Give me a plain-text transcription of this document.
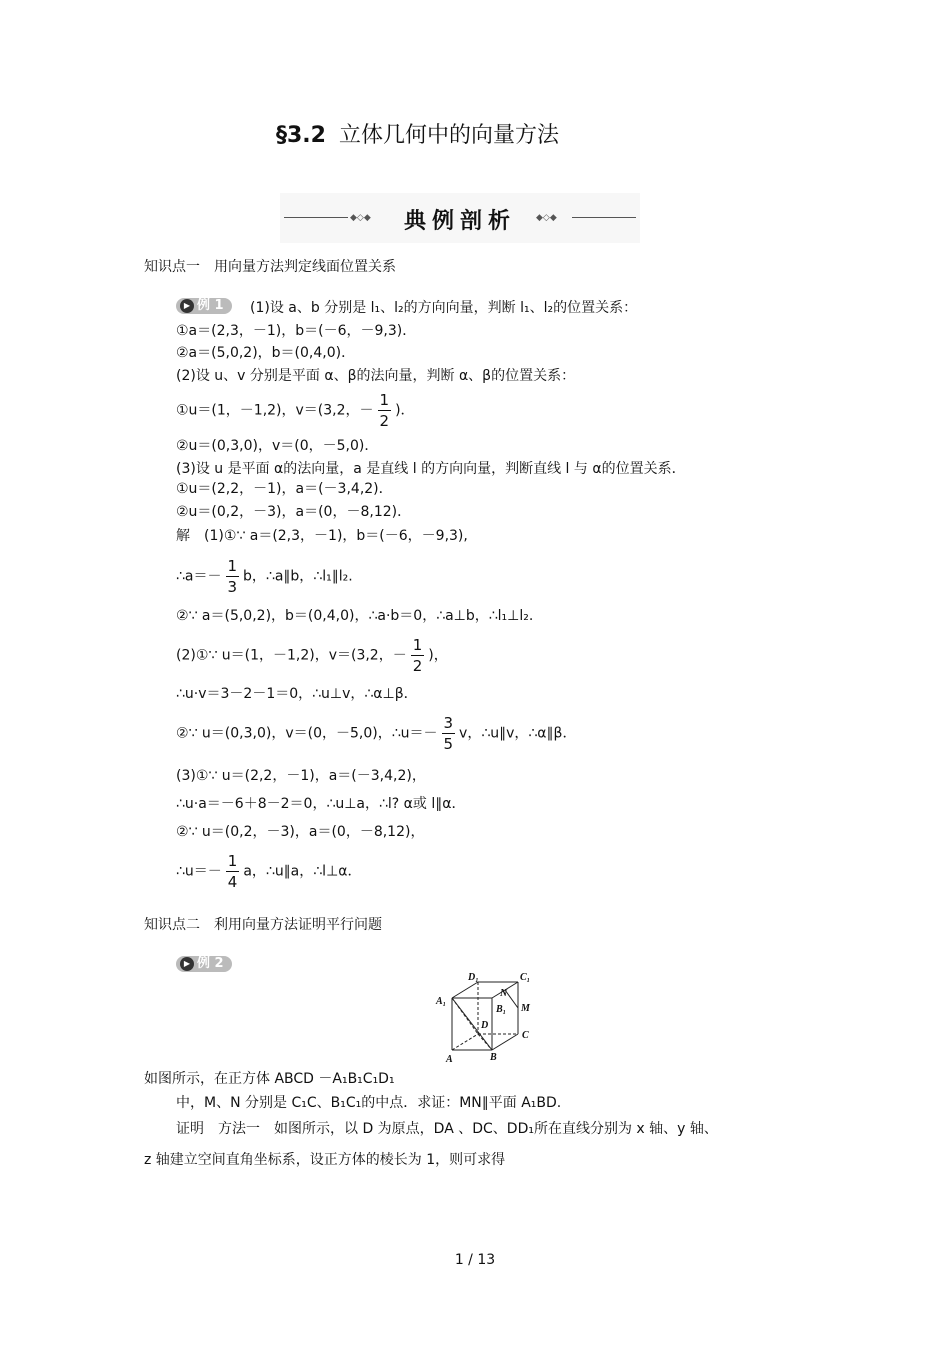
§3.2 立体几何中的向量方法
◆◇◆	◆◇◆
典例剖析
知识点一　用向量方法判定线面位置关系
▶ 例 1	(1)设 a、b 分别是 l₁、l₂的方向向量，判断 l₁、l₂的位置关系：
①a＝(2,3，－1)，b＝(－6，－9,3)．
②a＝(5,0,2)，b＝(0,4,0)．
(2)设 u、v 分别是平面 α、β的法向量，判断 α、β的位置关系：
①u＝(1，－1,2)，v＝(3,2，－ $\frac{1}{2}$ )．
②u＝(0,3,0)，v＝(0，－5,0)．
(3)设 u 是平面 α的法向量，a 是直线 l 的方向向量，判断直线 l 与 α的位置关系．
①u＝(2,2，－1)，a＝(－3,4,2)．
②u＝(0,2，－3)，a＝(0，－8,12)．
解　(1)①∵ a＝(2,3，－1)，b＝(－6，－9,3),
∴a＝－ $\frac{1}{3}$ b，∴a∥b，∴l₁∥l₂.
②∵ a＝(5,0,2)，b＝(0,4,0)，∴a·b＝0，∴a⊥b，∴l₁⊥l₂.
(2)①∵ u＝(1，－1,2)，v＝(3,2，－ $\frac{1}{2}$ )，
∴u·v＝3－2－1＝0，∴u⊥v，∴α⊥β．
②∵ u＝(0,3,0)，v＝(0，－5,0)，∴u＝－ $\frac{3}{5}$ v，∴u∥v，∴α∥β．
(3)①∵ u＝(2,2，－1)，a＝(－3,4,2)，
∴u·a＝－6＋8－2＝0，∴u⊥a，∴l? α或 l∥α．
②∵ u＝(0,2，－3)，a＝(0，－8,12)，
∴u＝－ $\frac{1}{4}$ a，∴u∥a，∴l⊥α．
知识点二　利用向量方法证明平行问题
▶ 例 2
D₁	C₁
N
A₁
B₁ M
D
C
A	B
如图所示，在正方体 ABCD －A₁B₁C₁D₁
中，M、N 分别是 C₁C、B₁C₁的中点．求证：MN∥平面 A₁BD.
证明　方法一　如图所示，以 D 为原点，DA 、DC、DD₁所在直线分别为 x 轴、y 轴、
z 轴建立空间直角坐标系，设正方体的棱长为 1，则可求得
1 / 13
